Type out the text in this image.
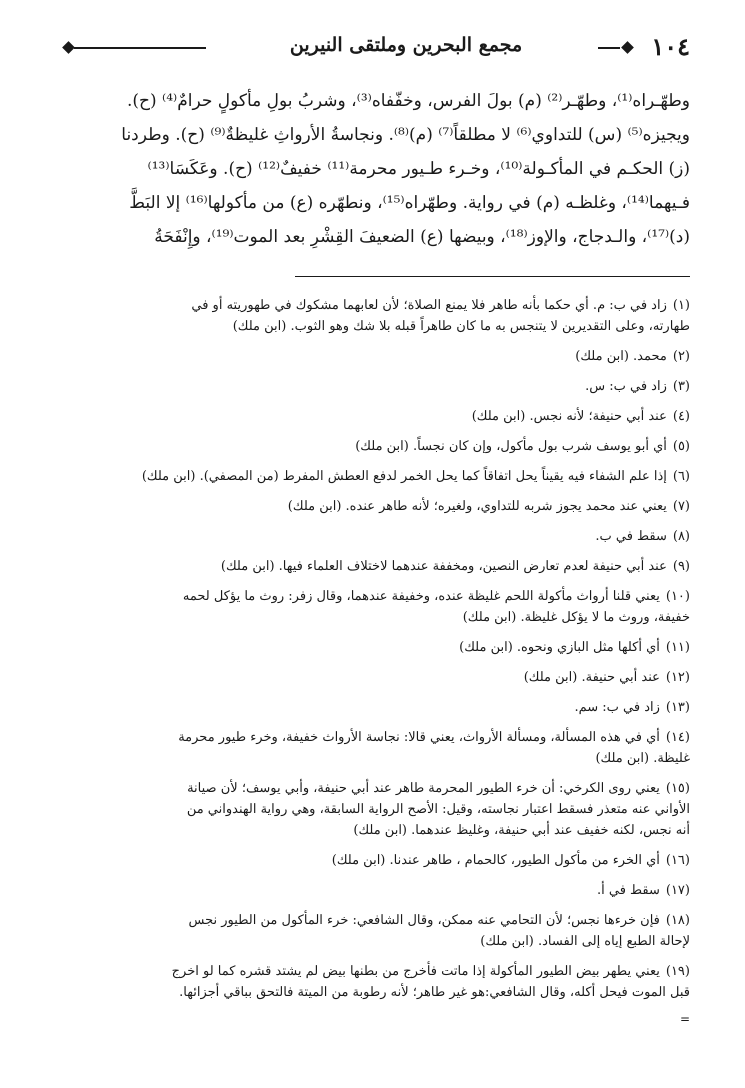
١٠٤
مجمع البحرين وملتقى النيرين
وطهّـراه⁽¹⁾، وطهّـر⁽²⁾ (م) بولَ الفرس، وخفّفاه⁽³⁾، وشربُ بولِ مأكولٍ حرامٌ⁽⁴⁾ (ح).
ويجيزه⁽⁵⁾ (س) للتداوي⁽⁶⁾ لا مطلقاً⁽⁷⁾ (م)⁽⁸⁾. ونجاسةُ الأرواثِ غليظةٌ⁽⁹⁾ (ح). وطردنا
(ز) الحكـم في المأكـولة⁽¹⁰⁾، وخـرء طـيور محرمة⁽¹¹⁾ خفيفٌ⁽¹²⁾ (ح). وعَكَسَا⁽¹³⁾
فـيهما⁽¹⁴⁾، وغلظـه (م) في رواية. وطهّراه⁽¹⁵⁾، ونطهّره (ع) من مأكولها⁽¹⁶⁾ إلا البَطَّ
(د)⁽¹⁷⁾، والـدجاج، والإوز⁽¹⁸⁾، وبيضها (ع) الضعيفَ القِشْرِ بعد الموت⁽¹⁹⁾، وإِنْفَحَةُ

(١)زاد في ب: م. أي حكما بأنه طاهر فلا يمنع الصلاة؛ لأن لعابهما مشكوك في طهوريته أو في

طهارته، وعلى التقديرين لا يتنجس به ما كان طاهراً قبله بلا شك وهو الثوب. (ابن ملك)

(٢)محمد. (ابن ملك)

(٣)زاد في ب: س.

(٤)عند أبي حنيفة؛ لأنه نجس. (ابن ملك)

(٥)أي أبو يوسف شرب بول مأكول، وإن كان نجساً. (ابن ملك)

(٦)إذا علم الشفاء فيه يقيناً يحل اتفاقاً كما يحل الخمر لدفع العطش المفرط (من المصفي). (ابن ملك)

(٧)يعني عند محمد يجوز شربه للتداوي، ولغيره؛ لأنه طاهر عنده. (ابن ملك)

(٨)سقط في ب.

(٩)عند أبي حنيفة لعدم تعارض النصين، ومخففة عندهما لاختلاف العلماء فيها. (ابن ملك)

(١٠)يعني قلنا أرواث مأكولة اللحم غليظة عنده، وخفيفة عندهما، وقال زفر: روث ما يؤكل لحمه

خفيفة، وروث ما لا يؤكل غليظة. (ابن ملك)

(١١)أي أكلها مثل البازي ونحوه. (ابن ملك)

(١٢)عند أبي حنيفة. (ابن ملك)

(١٣)زاد في ب: سم.

(١٤)أي في هذه المسألة، ومسألة الأرواث، يعني قالا: نجاسة الأرواث خفيفة، وخرء طيور محرمة

غليظة. (ابن ملك)

(١٥)يعني روى الكرخي: أن خرء الطيور المحرمة طاهر عند أبي حنيفة، وأبي يوسف؛ لأن صيانة

الأواني عنه متعذر فسقط اعتبار نجاسته، وقيل: الأصح الرواية السابقة، وهي رواية الهندواني من

أنه نجس، لكنه خفيف عند أبي حنيفة، وغليظ عندهما. (ابن ملك)

(١٦)أي الخرء من مأكول الطيور، كالحمام ، طاهر عندنا. (ابن ملك)

(١٧)سقط في أ.

(١٨)فإن خرءها نجس؛ لأن التحامي عنه ممكن، وقال الشافعي: خرء المأكول من الطيور نجس

لإحالة الطبع إياه إلى الفساد. (ابن ملك)

(١٩)يعني يطهر بيض الطيور المأكولة إذا ماتت فأخرج من بطنها بيض لم يشتد قشره كما لو اخرج

قبل الموت فيحل أكله، وقال الشافعي:هو غير طاهر؛ لأنه رطوبة من الميتة فالتحق بباقي أجزائها.

=
